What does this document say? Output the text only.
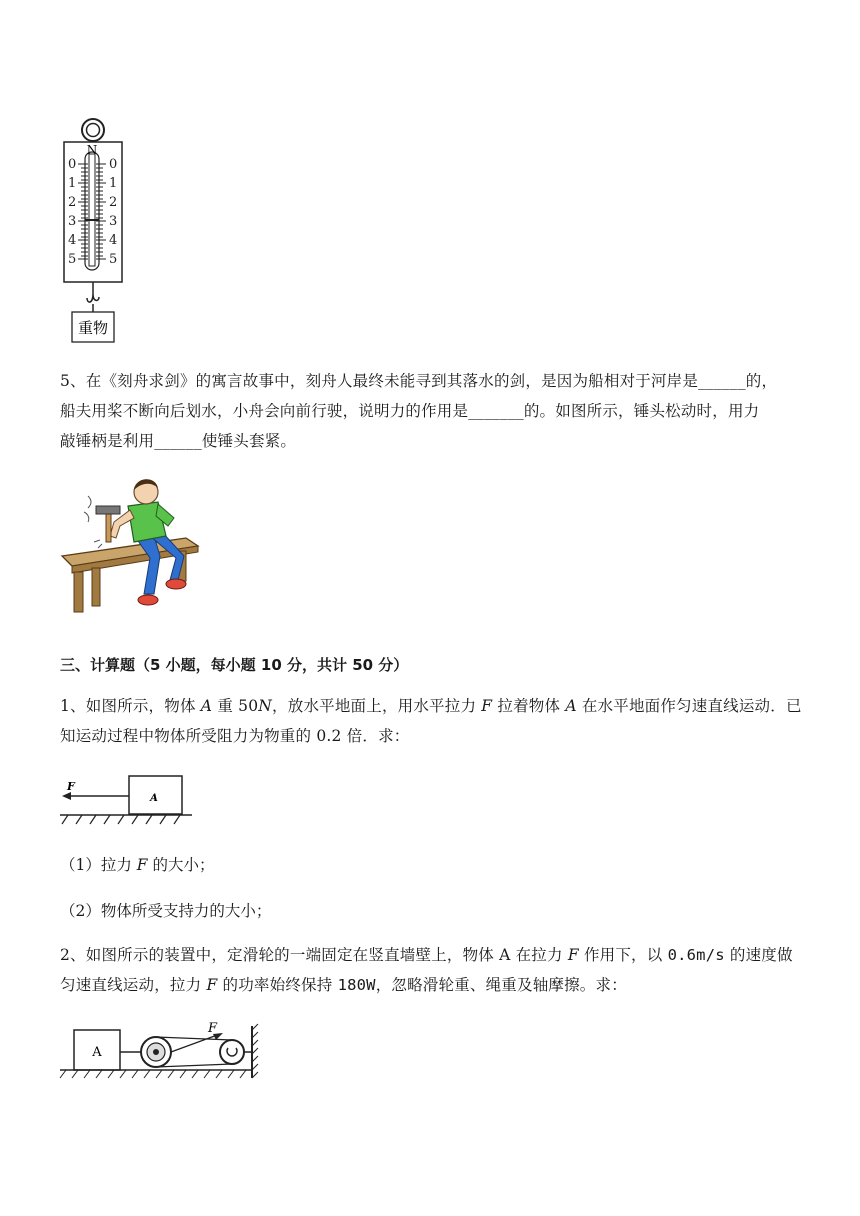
N
0
1
2
3
4
5
0
1
2
3
4
5
重物
5、在《刻舟求剑》的寓言故事中，刻舟人最终未能寻到其落水的剑，是因为船相对于河岸是______的，
船夫用桨不断向后划水，小舟会向前行驶，说明力的作用是_______的。如图所示，锤头松动时，用力
敲锤柄是利用______使锤头套紧。
三、计算题（5 小题，每小题 10 分，共计 50 分）
1、如图所示，物体 A 重 50N，放水平地面上，用水平拉力 F 拉着物体 A 在水平地面作匀速直线运动．已
知运动过程中物体所受阻力为物重的 0.2 倍．求：
A
F
（1）拉力 F 的大小；
（2）物体所受支持力的大小；
2、如图所示的装置中，定滑轮的一端固定在竖直墙壁上，物体 A 在拉力 F 作用下，以 0.6m/s 的速度做
匀速直线运动，拉力 F 的功率始终保持 180W，忽略滑轮重、绳重及轴摩擦。求：
A
F
